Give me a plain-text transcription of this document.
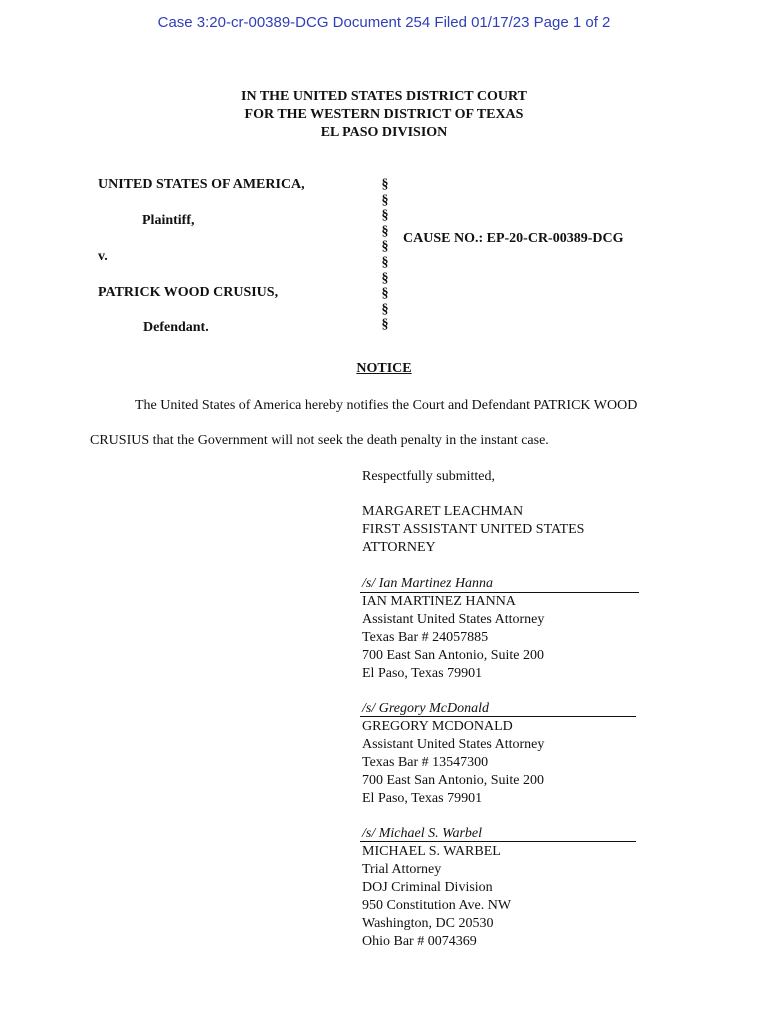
Case 3:20-cr-00389-DCG Document 254 Filed 01/17/23 Page 1 of 2
IN THE UNITED STATES DISTRICT COURT
FOR THE WESTERN DISTRICT OF TEXAS
EL PASO DIVISION
UNITED STATES OF AMERICA,
Plaintiff,
v.
PATRICK WOOD CRUSIUS,
Defendant.
§
§
§
§
§
§
§
§
§
§
CAUSE NO.: EP-20-CR-00389-DCG
NOTICE
The United States of America hereby notifies the Court and Defendant PATRICK WOOD
CRUSIUS that the Government will not seek the death penalty in the instant case.
Respectfully submitted,
MARGARET LEACHMAN
FIRST ASSISTANT UNITED STATES
ATTORNEY
/s/ Ian Martinez Hanna
IAN MARTINEZ HANNA
Assistant United States Attorney
Texas Bar # 24057885
700 East San Antonio, Suite 200
El Paso, Texas 79901
/s/ Gregory McDonald
GREGORY MCDONALD
Assistant United States Attorney
Texas Bar # 13547300
700 East San Antonio, Suite 200
El Paso, Texas 79901
/s/ Michael S. Warbel
MICHAEL S. WARBEL
Trial Attorney
DOJ Criminal Division
950 Constitution Ave. NW
Washington, DC 20530
Ohio Bar # 0074369
